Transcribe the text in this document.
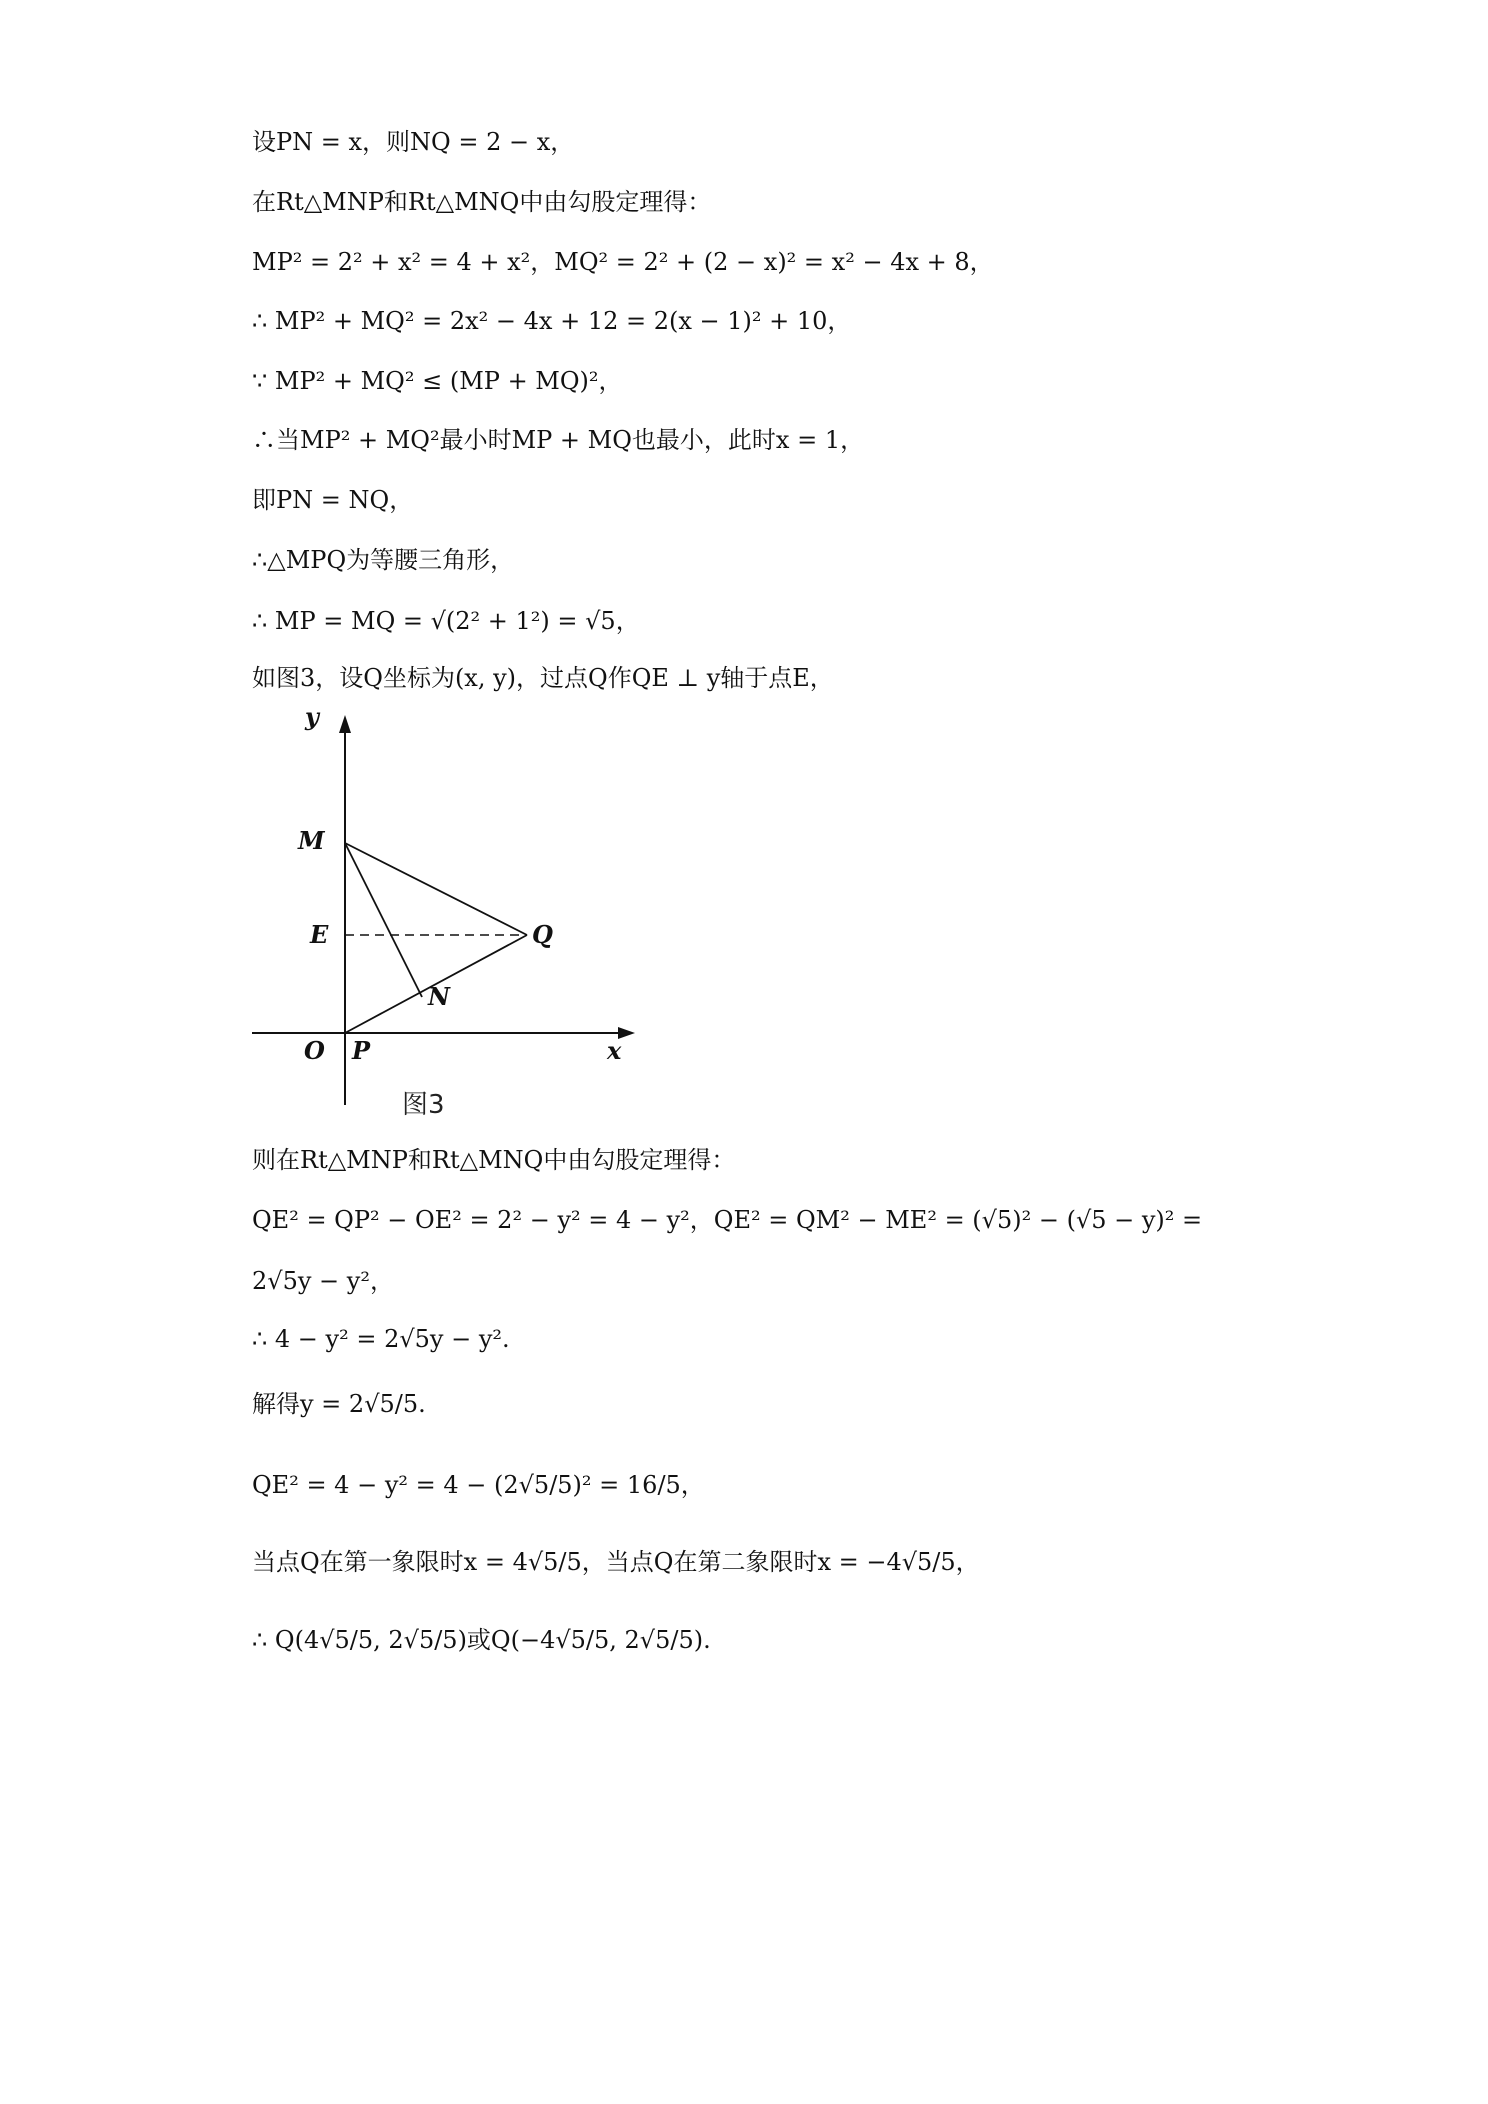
设PN = x，则NQ = 2 − x，
在Rt△MNP和Rt△MNQ中由勾股定理得：
MP² = 2² + x² = 4 + x²，MQ² = 2² + (2 − x)² = x² − 4x + 8，
∴ MP² + MQ² = 2x² − 4x + 12 = 2(x − 1)² + 10，
∵ MP² + MQ² ≤ (MP + MQ)²，
∴当MP² + MQ²最小时MP + MQ也最小，此时x = 1，
即PN = NQ，
∴△MPQ为等腰三角形，
∴ MP = MQ = √(2² + 1²) = √5，
如图3，设Q坐标为(x, y)，过点Q作QE ⊥ y轴于点E，
y
M
E	Q
N
O P	x
图3
则在Rt△MNP和Rt△MNQ中由勾股定理得：
QE² = QP² − OE² = 2² − y² = 4 − y²，QE² = QM² − ME² = (√5)² − (√5 − y)² =
2√5y − y²，
∴ 4 − y² = 2√5y − y².
解得y = 2√5/5.
QE² = 4 − y² = 4 − (2√5/5)² = 16/5，
当点Q在第一象限时x = 4√5/5，当点Q在第二象限时x = −4√5/5，
∴ Q(4√5/5, 2√5/5)或Q(−4√5/5, 2√5/5).
